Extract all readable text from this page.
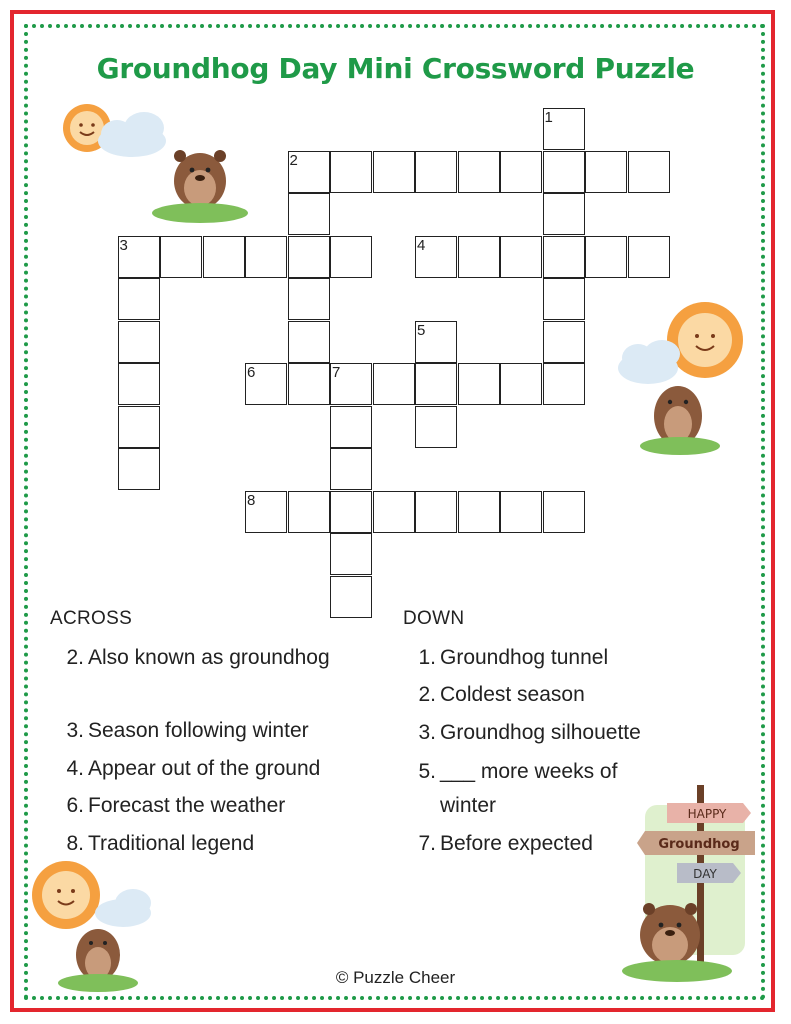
Groundhog Day Mini Crossword Puzzle
HAPPY
Groundhog
DAY
1
2
3	4
5
6	7
8
ACROSS	DOWN
2. Also known as groundhog
3. Season following winter
4. Appear out of the ground
6. Forecast the weather
8. Traditional legend
1. Groundhog tunnel
2. Coldest season
3. Groundhog silhouette
5. ___ more weeks of
winter
7. Before expected
© Puzzle Cheer
